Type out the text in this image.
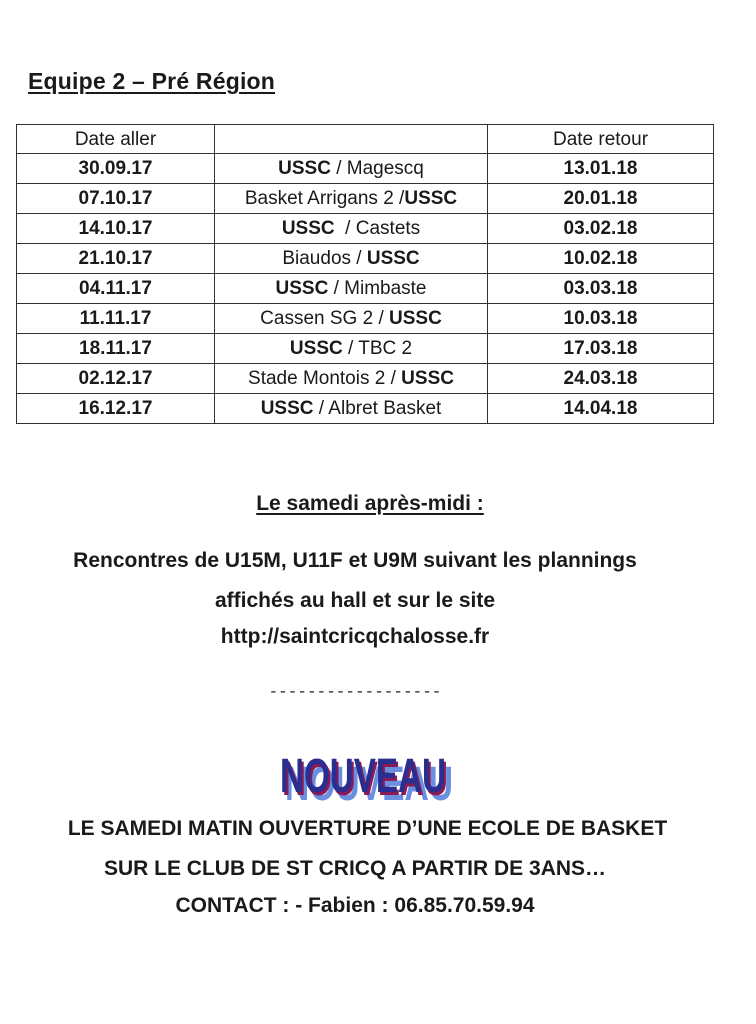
Equipe 2 – Pré Région
Date aller		Date retour
30.09.17	USSC / Magescq	13.01.18
07.10.17	Basket Arrigans 2 /USSC	20.01.18
14.10.17	USSC  / Castets	03.02.18
21.10.17	Biaudos / USSC	10.02.18
04.11.17	USSC / Mimbaste	03.03.18
11.11.17	Cassen SG 2 / USSC	10.03.18
18.11.17	USSC / TBC 2	17.03.18
02.12.17	Stade Montois 2 / USSC	24.03.18
16.12.17	USSC / Albret Basket	14.04.18
Le samedi après-midi :
Rencontres de U15M, U11F et U9M suivant les plannings
affichés au hall et sur le site
http://saintcricqchalosse.fr
------------------
NOUVEAU
NOUVEAU
NOUVEAU
LE SAMEDI MATIN OUVERTURE D’UNE ECOLE DE BASKET
SUR LE CLUB DE ST CRICQ A PARTIR DE 3ANS…
CONTACT : - Fabien : 06.85.70.59.94
